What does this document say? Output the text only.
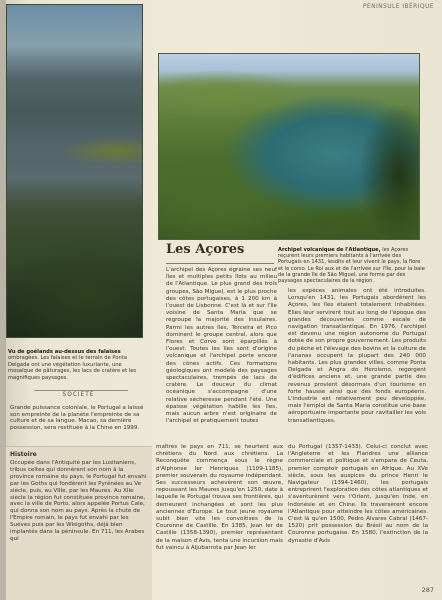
PÉNINSULE IBÉRIQUE
Vu de goélands au-dessus des falaises ombragées. Les falaises et le terrain de Ponta Delgada ont une végétation luxuriante, une mosaïque de pâturages, les lacs de cratère et les magnifiques paysages.
SOCIÉTÉ
Grande puissance coloniale, le Portugal a laissé son empreinte de la planète l'empreinte de sa culture et de sa langue. Macao, sa dernière possession, sera restituée à la Chine en 1999.
Histoire
Occupée dans l'Antiquité par les Lusitaniens, tribus celtes qui donnèrent son nom à la province romaine du pays, le Portugal fut envahi par les Goths qui fondèrent les Pyrénées au Ve siècle, puis, au VIIIe, par les Maures. Au XIIe siècle la région fut constituée province romaine, avec la ville de Porto, alors appelée Portus Cale, qui donna son nom au pays. Après la chute de l'Empire romain, le pays fut envahi par les Suèves puis par les Wisigoths, déjà bien implantés dans la péninsule. En 711, les Arabes qui
Les Açores	Archipel volcanique de l'Atlantique, les Açores reçurent leurs premiers habitants à l'arrivée des Portugais en 1431, lesdits et leur vivent le pays, la flore et le corso. Le Roi aux et de l'arrivée sur l'île, pour la baie de la grande île de São Miguel, une forme par des paysages spectaculaires de la région.
L'archipel des Açores égraine ses neuf îles et multiples petits îlots au milieu de l'Atlantique. Le plus grand des trois groupes, São Miguel, est le plus proche des côtes portugaises, à 1 200 km à l'ouest de Lisbonne. C'est là et sur l'île voisine de Santa Maria que se regroupe la majorité des insulaires. Parmi les autres îles, Terceira et Pico dominent le groupe central, alors que Flores et Corvo sont éparpillés à l'ouest. Toutes les îles sont d'origine volcanique et l'archipel porte encore des cônes actifs. Ces formations géologiques ont modelé des paysages spectaculaires, trempés de lacs de cratère. Le douceur du climat océanique s'accompagne d'une relative sécheresse pendant l'été. Une épaisse végétation habille les îles, mais aucun arbre n'est originaire de l'archipel et pratiquement toutes
les espèces animales ont été introduites. Lorsqu'en 1431, les Portugais abordèrent les Açores, les îles étaient totalement inhabitées. Elles leur servirent tout au long de l'époque des grandes découvertes comme escale de navigation transatlantique. En 1976, l'archipel est devenu une région autonome du Portugal dotée de son propre gouvernement. Les produits du pêche et l'élevage des bovins et la culture de l'ananas occupent la plupart des 240 000 habitants. Les plus grandes villes, comme Ponta Delgada et Angra do Heroísmo, regorgent d'édifices anciens et, une grande partie des revenus provient désormais d'un tourisme en forte hausse ainsi que des fonds européens. L'industrie est relativement peu développée, mais l'emploi de Santa Maria constitue une base aéroportuaire importante pour ravitailler les vols transatlantiques.
maîtres le pays en 711, se heurtent aux chrétiens du Nord aux chrétiens. La Reconquête commença sous le règne d'Alphonse Ier Henriques (1109-1185), premier souverain du royaume indépendant. Ses successeurs achevèrent son œuvre, repoussant les Maures jusqu'en 1250, date à laquelle le Portugal trouva ses frontières, qui demeurent inchangées et sont les plus anciennes d'Europe. Le tout jeune royaume subit bien vite les convoitises de la Couronne de Castille. En 1385, Jean Ier de Castille (1358-1390), premier représentant de la maison d'Avis, tenta une incursion mais fut vaincu à Aljubarrota par Jean Ier
du Portugal (1357-1433). Celui-ci conclut avec l'Angleterre et les Flandres une alliance commerciale et politique et s'empara de Ceuta, premier comptoir portugais en Afrique. Au XVe siècle, sous les auspices du prince Henri le Navigateur (1394-1460), les portugais entreprirent l'exploration des côtes atlantiques et s'aventurèrent vers l'Orient, jusqu'en Inde, en Indonésie et en Chine. Ils traversèrent encore l'Atlantique pour atteindre les côtes américaines. C'est là qu'en 1500, Pedro Alvares Cabral (1467-1520) prit possession du Brésil au nom de la Couronne portugaise. En 1580, l'extinction de la dynastie d'Avis
287
